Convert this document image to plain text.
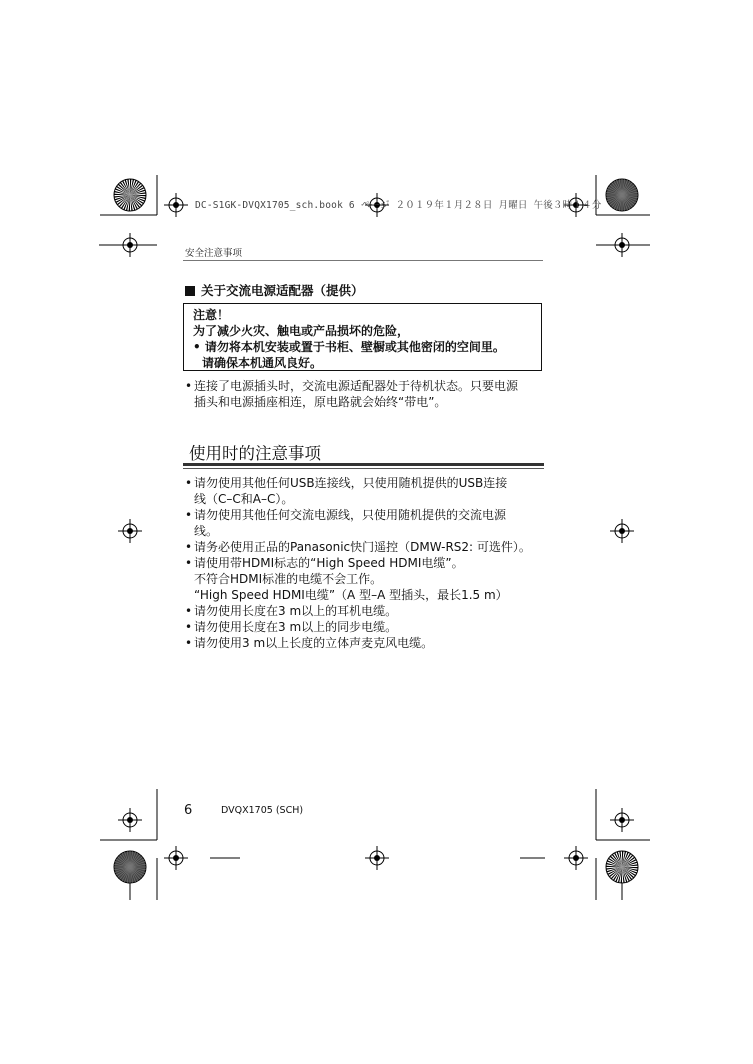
DC-S1GK-DVQX1705_sch.book 6 ページ ２０１９年１月２８日 月曜日 午後３時１４分
安全注意事项
关于交流电源适配器（提供）
注意！
为了减少火灾、触电或产品损坏的危险，
• 请勿将本机安装或置于书柜、壁橱或其他密闭的空间里。
请确保本机通风良好。
• 连接了电源插头时，交流电源适配器处于待机状态。只要电源
插头和电源插座相连，原电路就会始终“带电”。
使用时的注意事项
• 请勿使用其他任何USB连接线，只使用随机提供的USB连接
线（C–C和A–C）。
• 请勿使用其他任何交流电源线，只使用随机提供的交流电源
线。
• 请务必使用正品的Panasonic快门遥控（DMW-RS2: 可选件）。
• 请使用带HDMI标志的“High Speed HDMI电缆”。
不符合HDMI标准的电缆不会工作。
“High Speed HDMI电缆”（A 型–A 型插头，最长1.5 m）
• 请勿使用长度在3 m以上的耳机电缆。
• 请勿使用长度在3 m以上的同步电缆。
• 请勿使用3 m以上长度的立体声麦克风电缆。
6	DVQX1705 (SCH)
